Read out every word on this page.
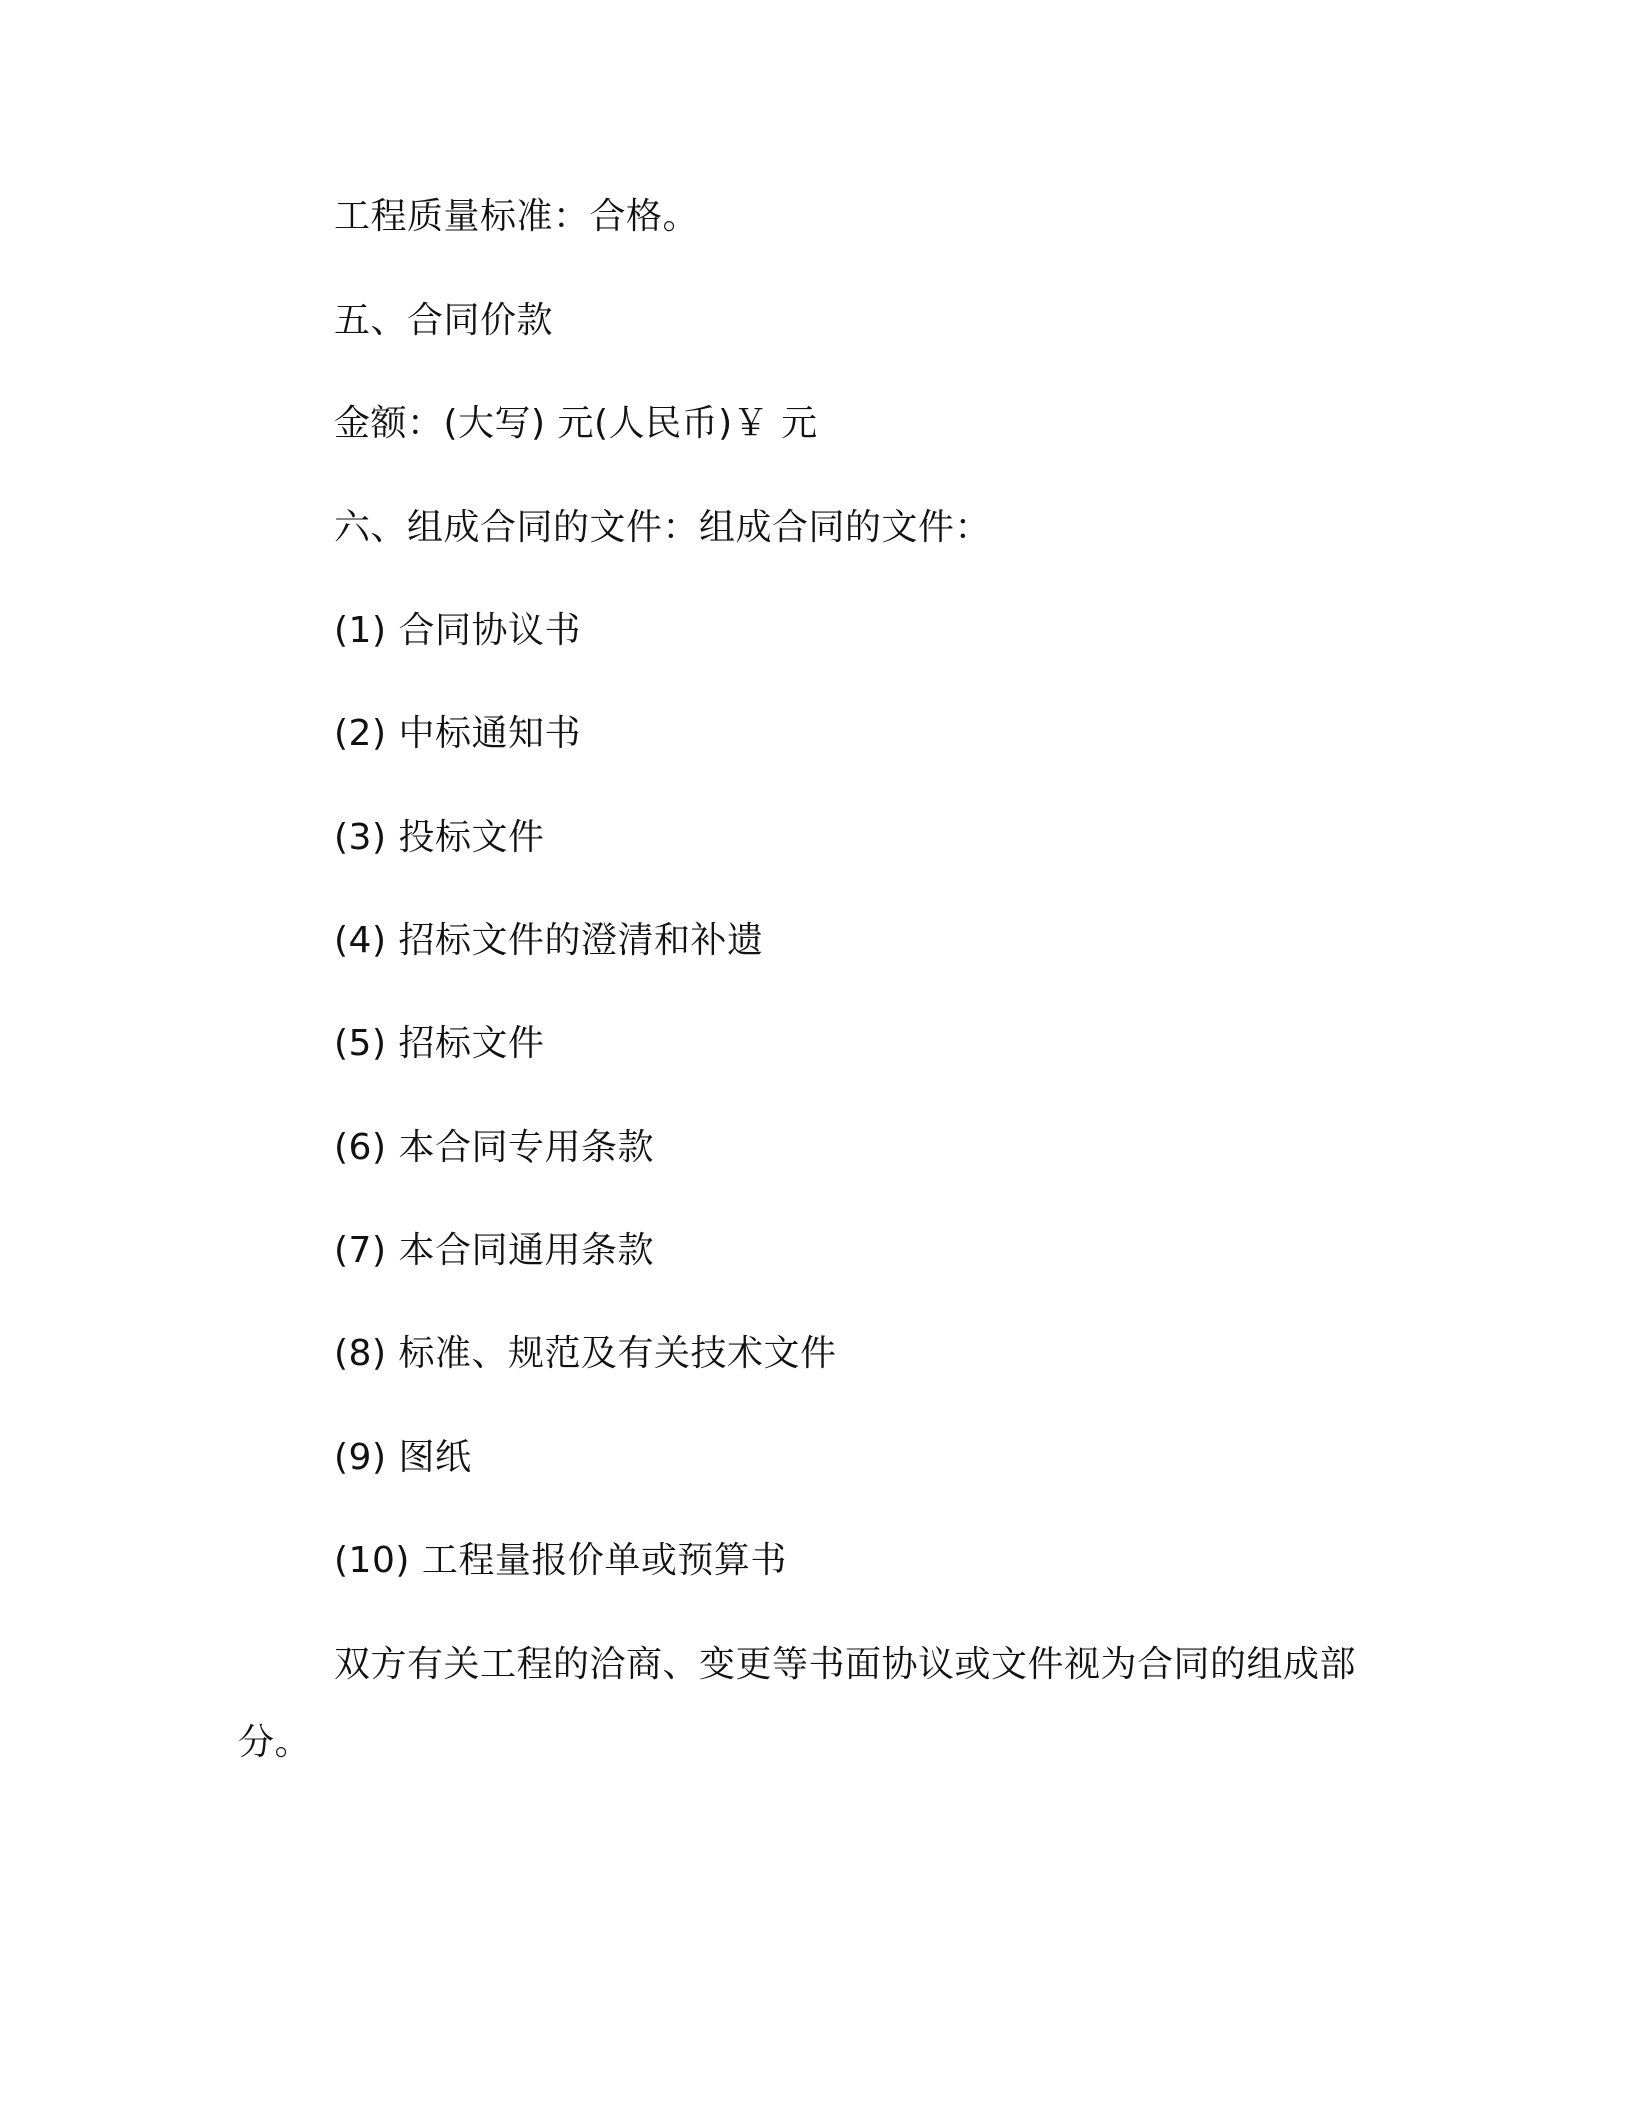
工程质量标准：合格。
五、合同价款
金额：(大写) 元(人民币)￥ 元
六、组成合同的文件：组成合同的文件：
(1) 合同协议书
(2) 中标通知书
(3) 投标文件
(4) 招标文件的澄清和补遗
(5) 招标文件
(6) 本合同专用条款
(7) 本合同通用条款
(8) 标准、规范及有关技术文件
(9) 图纸
(10) 工程量报价单或预算书
双方有关工程的洽商、变更等书面协议或文件视为合同的组成部分。
